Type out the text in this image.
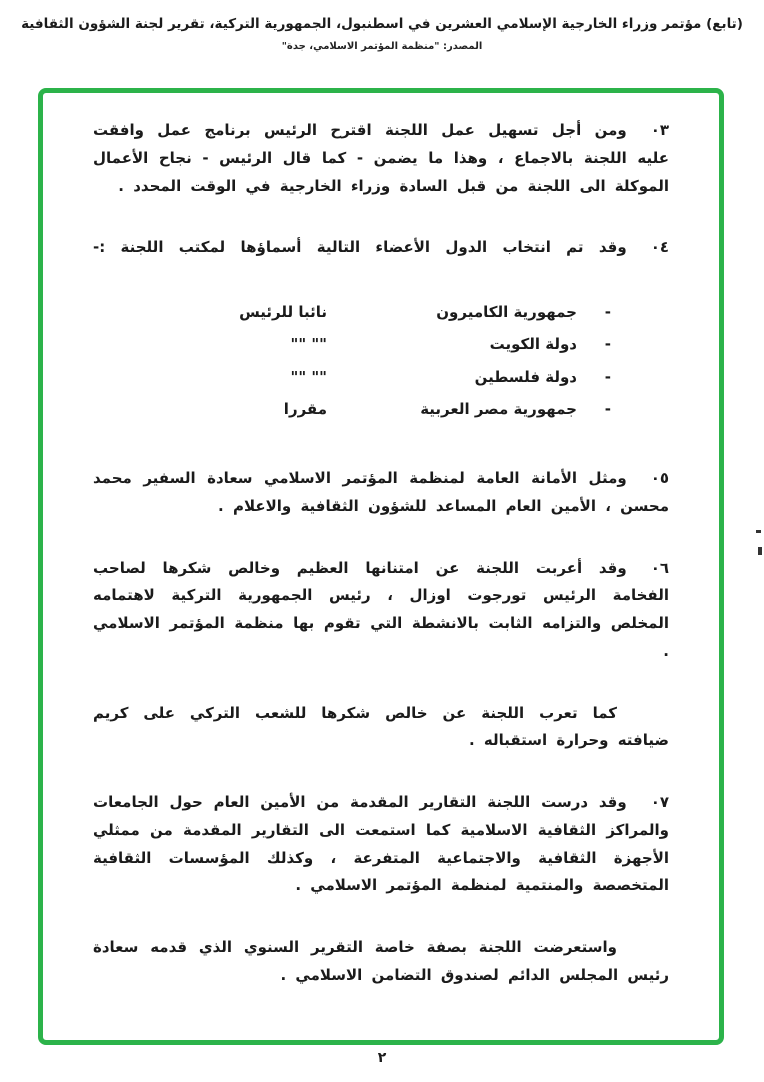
(تابع) مؤتمر وزراء الخارجية الإسلامي العشرين في اسطنبول، الجمهورية التركية، تقرير لجنة الشؤون الثقافية
المصدر: "منظمة المؤتمر الاسلامي، جدة"

٠٣ومن أجل تسهيل عمل اللجنة اقترح الرئيس برنامج عمل وافقت عليه اللجنة بالاجماع ، وهذا ما يضمن - كما قال الرئيس - نجاح الأعمال الموكلة الى اللجنة من قبل السادة وزراء الخارجية في الوقت المحدد .

٠٤وقد تم انتخاب الدول الأعضاء التالية أسماؤها لمكتب اللجنة :-

-
جمهورية الكاميرون
نائبا للرئيس
-
دولة الكويت
"" ""
-
دولة فلسطين
"" ""
-
جمهورية مصر العربية
مقررا

٠٥ومثل الأمانة العامة لمنظمة المؤتمر الاسلامي سعادة السفير محمد محسن ، الأمين العام المساعد للشؤون الثقافية والاعلام .

٠٦وقد أعربت اللجنة عن امتنانها العظيم وخالص شكرها لصاحب الفخامة الرئيس تورجوت اوزال ، رئيس الجمهورية التركية لاهتمامه المخلص والتزامه الثابت بالانشطة التي تقوم بها منظمة المؤتمر الاسلامي .

كما تعرب اللجنة عن خالص شكرها للشعب التركي على كريم ضيافته وحرارة استقباله .

٠٧وقد درست اللجنة التقارير المقدمة من الأمين العام حول الجامعات والمراكز الثقافية الاسلامية كما استمعت الى التقارير المقدمة من ممثلي الأجهزة الثقافية والاجتماعية المتفرعة ، وكذلك المؤسسات الثقافية المتخصصة والمنتمية لمنظمة المؤتمر الاسلامي .

واستعرضت اللجنة بصفة خاصة التقرير السنوي الذي قدمه سعادة رئيس المجلس الدائم لصندوق التضامن الاسلامي .

٢
